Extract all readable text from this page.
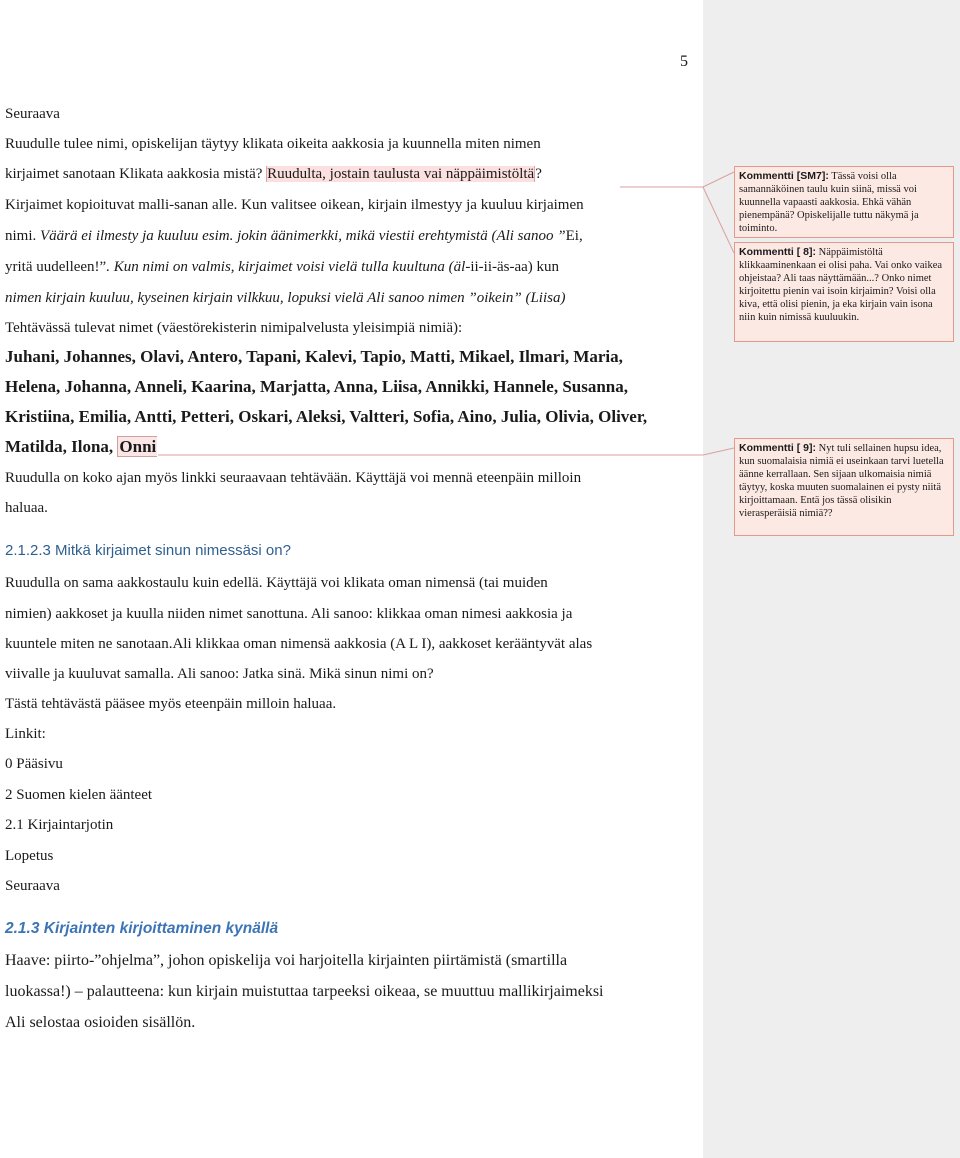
5
Seuraava
Ruudulle tulee nimi, opiskelijan täytyy klikata oikeita aakkosia ja kuunnella miten nimen
kirjaimet sanotaan Klikata aakkosia mistä? Ruudulta, jostain taulusta vai näppäimistöltä?
Kirjaimet kopioituvat malli-sanan alle. Kun valitsee oikean, kirjain ilmestyy ja kuuluu kirjaimen
nimi. Väärä ei ilmesty ja kuuluu esim. jokin äänimerkki, mikä viestii erehtymistä (Ali sanoo ”Ei,
yritä uudelleen!”. Kun nimi on valmis, kirjaimet voisi vielä tulla kuultuna (äl-ii-ii-äs-aa) kun
nimen kirjain kuuluu, kyseinen kirjain vilkkuu, lopuksi vielä Ali sanoo nimen ”oikein” (Liisa)
Tehtävässä tulevat nimet (väestörekisterin nimipalvelusta yleisimpiä nimiä):
Juhani, Johannes, Olavi, Antero, Tapani, Kalevi, Tapio, Matti, Mikael, Ilmari, Maria,
Helena, Johanna, Anneli, Kaarina, Marjatta, Anna, Liisa, Annikki, Hannele, Susanna,
Kristiina, Emilia, Antti, Petteri, Oskari, Aleksi, Valtteri, Sofia, Aino, Julia, Olivia, Oliver,
Matilda, Ilona, Onni
Ruudulla on koko ajan myös linkki seuraavaan tehtävään. Käyttäjä voi mennä eteenpäin milloin
haluaa.
2.1.2.3 Mitkä kirjaimet sinun nimessäsi on?
Ruudulla on sama aakkostaulu kuin edellä. Käyttäjä voi klikata oman nimensä (tai muiden
nimien) aakkoset ja kuulla niiden nimet sanottuna. Ali sanoo: klikkaa oman nimesi aakkosia ja
kuuntele miten ne sanotaan.Ali klikkaa oman nimensä aakkosia (A L I), aakkoset kerääntyvät alas
viivalle ja kuuluvat samalla. Ali sanoo: Jatka sinä. Mikä sinun nimi on?
Tästä tehtävästä pääsee myös eteenpäin milloin haluaa.
Linkit:
0 Pääsivu
2 Suomen kielen äänteet
2.1 Kirjaintarjotin
Lopetus
Seuraava
2.1.3 Kirjainten kirjoittaminen kynällä
Haave: piirto-”ohjelma”, johon opiskelija voi harjoitella kirjainten piirtämistä (smartilla
luokassa!) – palautteena: kun kirjain muistuttaa tarpeeksi oikeaa, se muuttuu mallikirjaimeksi
Ali selostaa osioiden sisällön.
Kommentti [SM7]: Tässä voisi olla samannäköinen taulu kuin siinä, missä voi kuunnella vapaasti aakkosia. Ehkä vähän pienempänä? Opiskelijalle tuttu näkymä ja toiminto.
Kommentti [ 8]: Näppäimistöltä klikkaaminenkaan ei olisi paha. Vai onko vaikea ohjeistaa? Ali taas näyttämään...? Onko nimet kirjoitettu pienin vai isoin kirjaimin? Voisi olla kiva, että olisi pienin, ja eka kirjain vain isona niin kuin nimissä kuuluukin.
Kommentti [ 9]: Nyt tuli sellainen hupsu idea, kun suomalaisia nimiä ei useinkaan tarvi luetella äänne kerrallaan. Sen sijaan ulkomaisia nimiä täytyy, koska muuten suomalainen ei pysty niitä kirjoittamaan. Entä jos tässä olisikin vierasperäisiä nimiä??
